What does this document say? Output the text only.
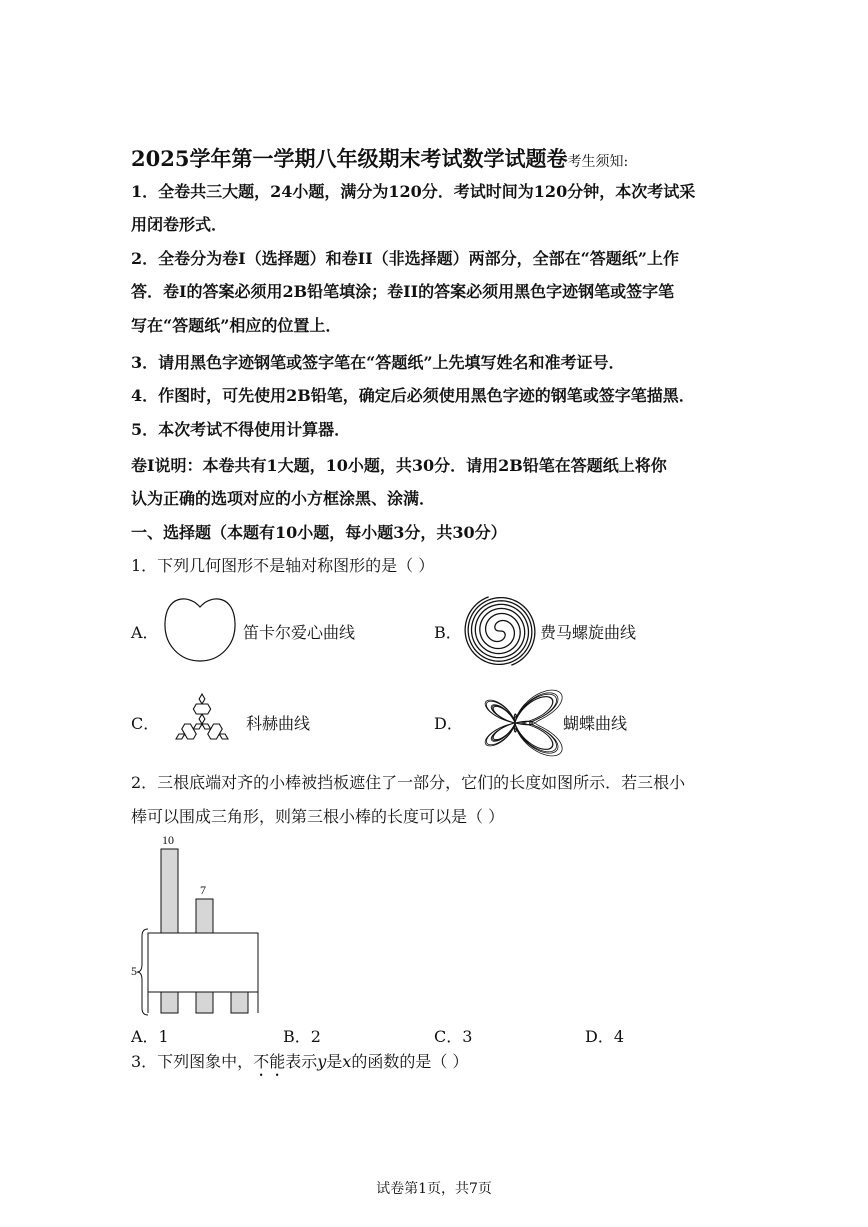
2025学年第一学期八年级期末考试数学试题卷考生须知:
1．全卷共三大题，24小题，满分为120分．考试时间为120分钟，本次考试采
用闭卷形式．
2．全卷分为卷I（选择题）和卷II（非选择题）两部分，全部在“答题纸”上作
答．卷I的答案必须用2B铅笔填涂；卷II的答案必须用黑色字迹钢笔或签字笔
写在“答题纸”相应的位置上．
3．请用黑色字迹钢笔或签字笔在“答题纸”上先填写姓名和准考证号．
4．作图时，可先使用2B铅笔，确定后必须使用黑色字迹的钢笔或签字笔描黑．
5．本次考试不得使用计算器．
卷I说明：本卷共有1大题，10小题，共30分．请用2B铅笔在答题纸上将你
认为正确的选项对应的小方框涂黑、涂满．
一、选择题（本题有10小题，每小题3分，共30分）
1．下列几何图形不是轴对称图形的是（ ）
A．	笛卡尔爱心曲线	B．	费马螺旋曲线
C．	科赫曲线	D．	蝴蝶曲线
2．三根底端对齐的小棒被挡板遮住了一部分，它们的长度如图所示．若三根小
棒可以围成三角形，则第三根小棒的长度可以是（ ）
10
7
5
A．1	B．2	C．3	D．4
3．下列图象中，不能表示y是x的函数的是（ ）
试卷第1页，共7页
